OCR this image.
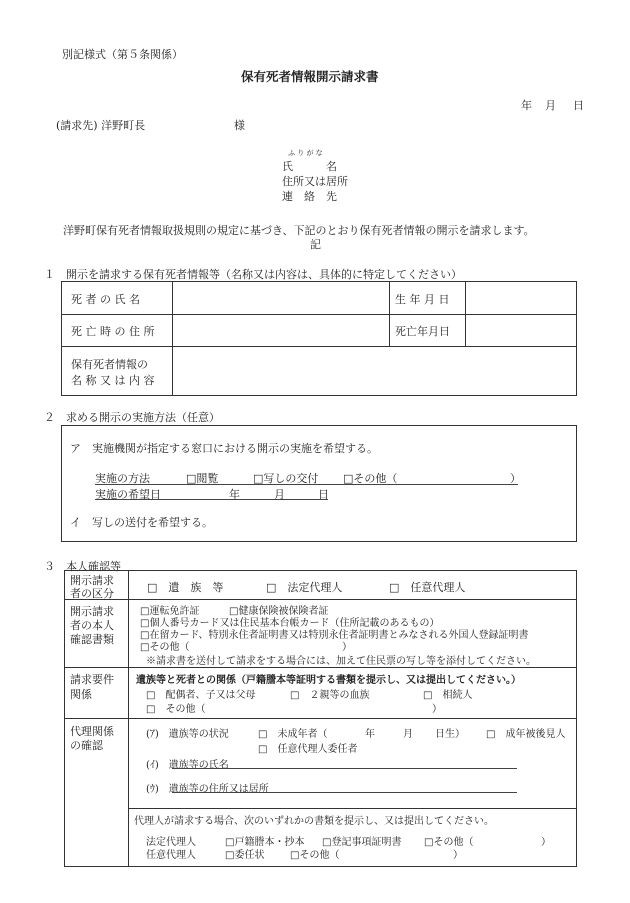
別記様式（第５条関係）
保有死者情報開示請求書
年 月 日
(請求先) 洋野町長	様
ふ り が な
氏　　　名
住所又は居所
連　絡　先
洋野町保有死者情報取扱規則の規定に基づき、下記のとおり保有死者情報の開示を請求します。
記
１　開示を請求する保有死者情報等（名称又は内容は、具体的に特定してください）
死 者 の 氏 名	生 年 月 日
死 亡 時 の 住 所	死亡年月日
保有死者情報の
名 称 又 は 内 容
２　求める開示の実施方法（任意）
ア　実施機関が指定する窓口における開示の実施を希望する。
実施の方法	□閲覧	□写しの交付 □その他（	）
実施の希望日	年	月	日
イ　写しの送付を希望する。
３　本人確認等
開示請求
者の区分	□　遺　族　等	□　法定代理人	□　任意代理人
開示請求
者の本人
確認書類
□運転免許証	□健康保険被保険者証
□個人番号カード又は住民基本台帳カード（住所記載のあるもの）
□在留カード、特別永住者証明書又は特別永住者証明書とみなされる外国人登録証明書
□その他（	）
※請求書を送付して請求をする場合には、加えて住民票の写し等を添付してください。
請求要件
関係
遺族等と死者との関係（戸籍謄本等証明する書類を提示し、又は提出してください。）
□　配偶者、子又は父母	□　２親等の血族	□　相続人
□　その他（	）
代理関係
の確認
(ｱ)　遺族等の状況	□　未成年者（	年	月 日生） □　成年被後見人
□　任意代理人委任者
(ｲ)　遺族等の氏名
(ｳ)　遺族等の住所又は居所
代理人が請求する場合、次のいずれかの書類を提示し、又は提出してください。
法定代理人	□戸籍謄本・抄本 □登記事項証明書 □その他（	）
任意代理人	□委任状	□その他（	）
